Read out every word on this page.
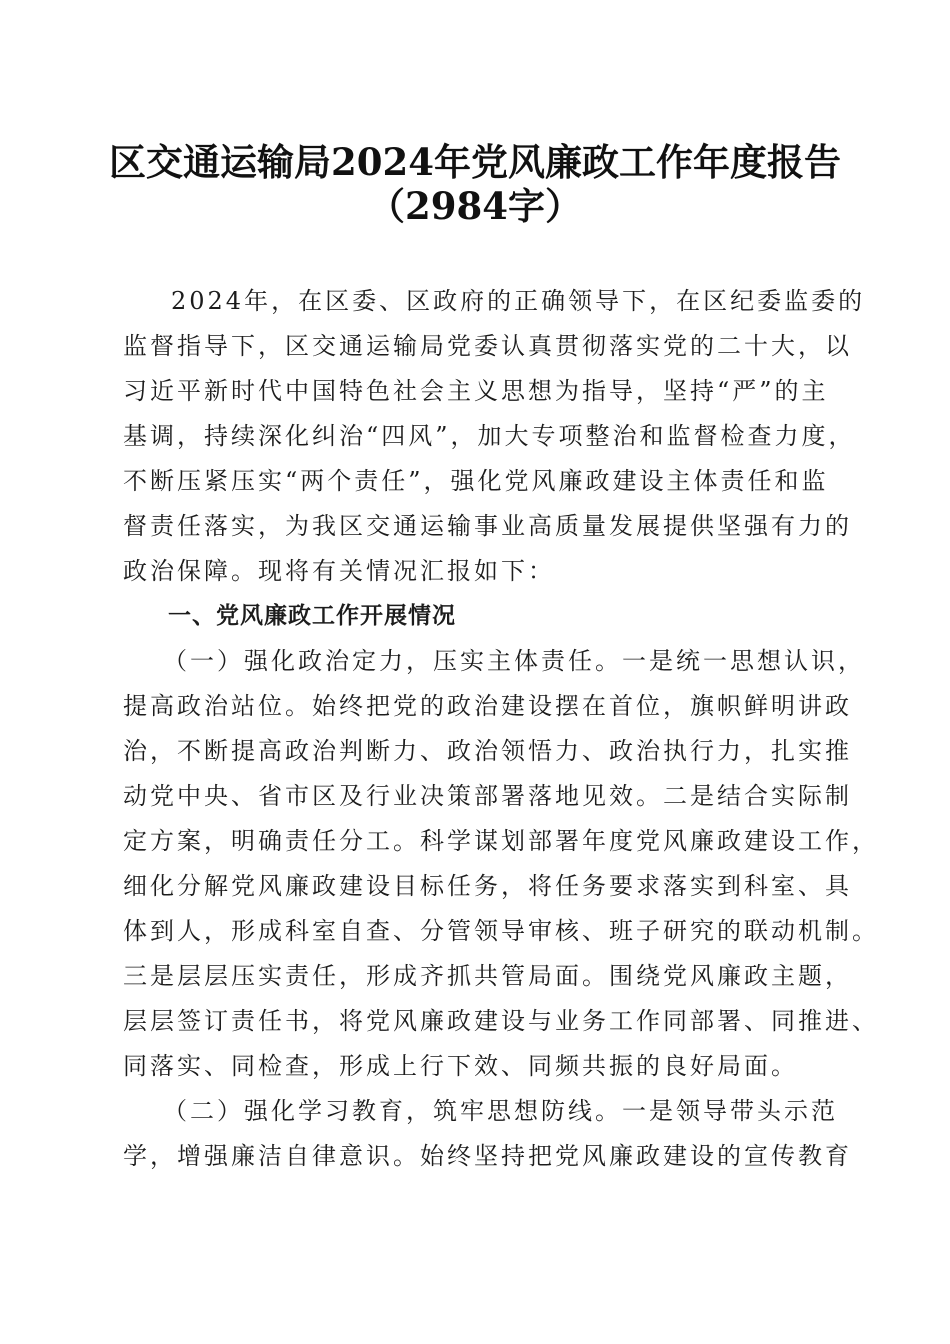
区交通运输局2024年党风廉政工作年度报告
（2984字）
2024年，在区委、区政府的正确领导下，在区纪委监委的
监督指导下，区交通运输局党委认真贯彻落实党的二十大，以
习近平新时代中国特色社会主义思想为指导，坚持“严”的主
基调，持续深化纠治“四风”，加大专项整治和监督检查力度，
不断压紧压实“两个责任”，强化党风廉政建设主体责任和监
督责任落实，为我区交通运输事业高质量发展提供坚强有力的
政治保障。现将有关情况汇报如下：
一、党风廉政工作开展情况
（一）强化政治定力，压实主体责任。一是统一思想认识，
提高政治站位。始终把党的政治建设摆在首位，旗帜鲜明讲政
治，不断提高政治判断力、政治领悟力、政治执行力，扎实推
动党中央、省市区及行业决策部署落地见效。二是结合实际制
定方案，明确责任分工。科学谋划部署年度党风廉政建设工作，
细化分解党风廉政建设目标任务，将任务要求落实到科室、具
体到人，形成科室自查、分管领导审核、班子研究的联动机制。
三是层层压实责任，形成齐抓共管局面。围绕党风廉政主题，
层层签订责任书，将党风廉政建设与业务工作同部署、同推进、
同落实、同检查，形成上行下效、同频共振的良好局面。
（二）强化学习教育，筑牢思想防线。一是领导带头示范
学，增强廉洁自律意识。始终坚持把党风廉政建设的宣传教育
